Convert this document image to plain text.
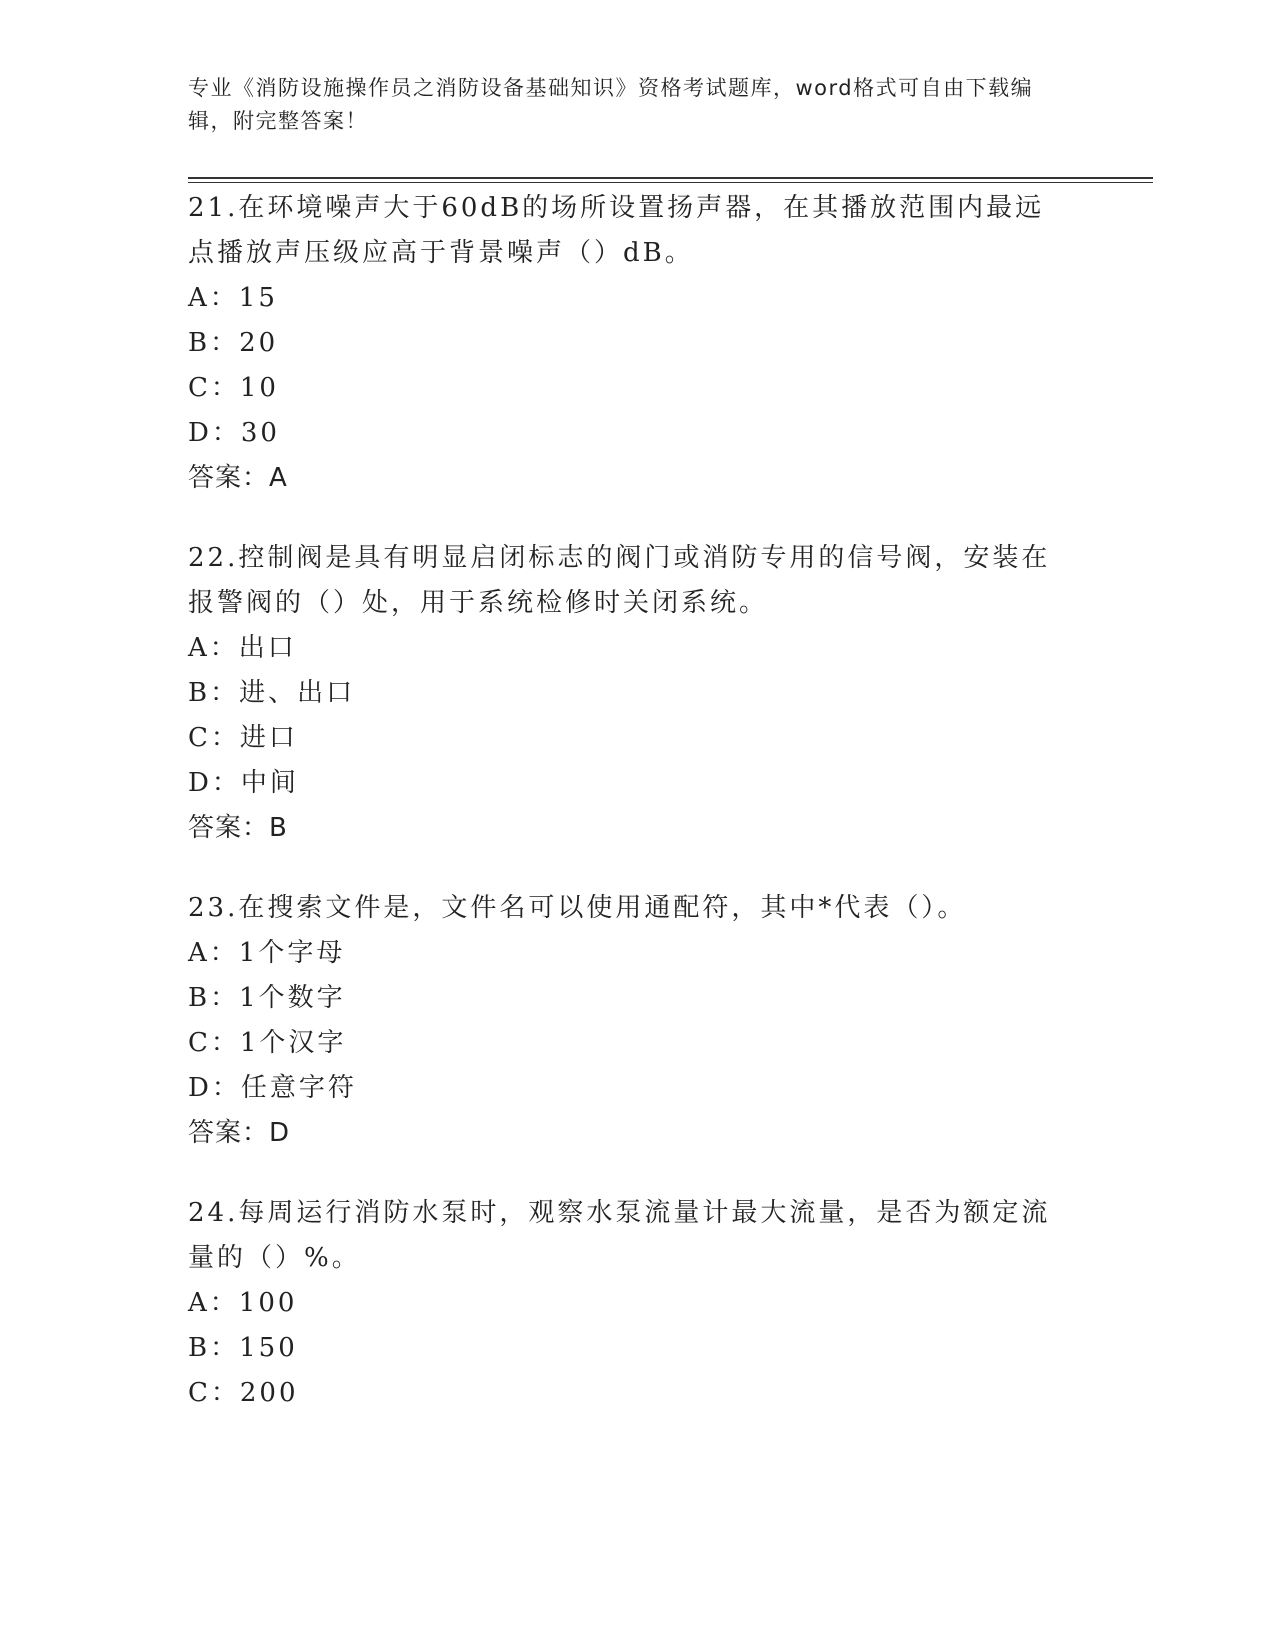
专业《消防设施操作员之消防设备基础知识》资格考试题库，word格式可自由下载编辑，附完整答案！

21.在环境噪声大于60dB的场所设置扬声器，在其播放范围内最远点播放声压级应高于背景噪声（）dB。

A：15

B：20

C：10

D：30

答案：A

22.控制阀是具有明显启闭标志的阀门或消防专用的信号阀，安装在报警阀的（）处，用于系统检修时关闭系统。

A：出口

B：进、出口

C：进口

D：中间

答案：B

23.在搜索文件是，文件名可以使用通配符，其中*代表（）。

A：1个字母

B：1个数字

C：1个汉字

D：任意字符

答案：D

24.每周运行消防水泵时，观察水泵流量计最大流量，是否为额定流量的（）%。

A：100

B：150

C：200
